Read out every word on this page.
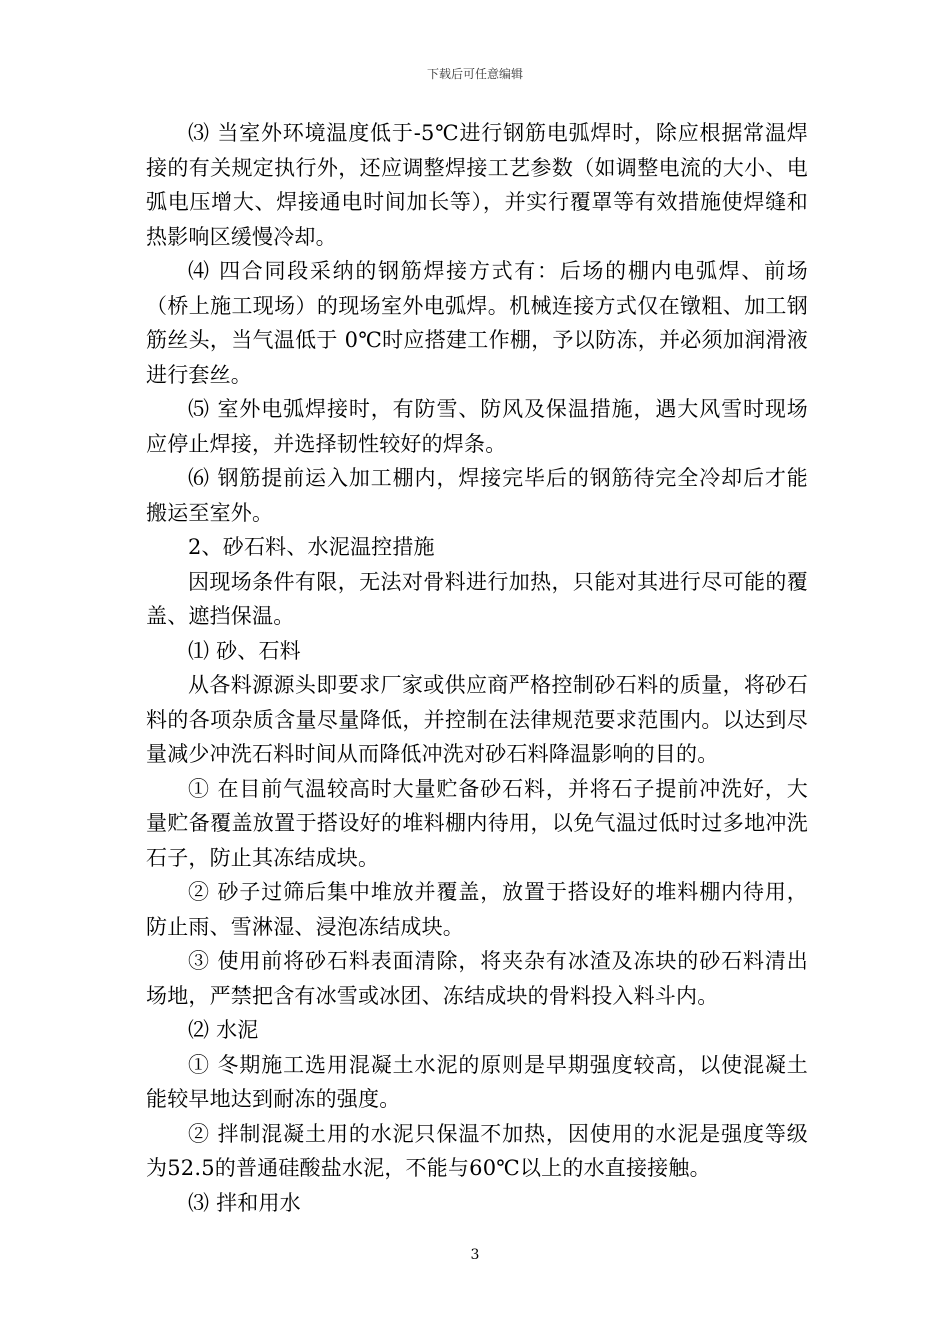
下载后可任意编辑

⑶ 当室外环境温度低于-5℃进行钢筋电弧焊时，除应根据常温焊接的有关规定执行外，还应调整焊接工艺参数（如调整电流的大小、电弧电压增大、焊接通电时间加长等），并实行覆罩等有效措施使焊缝和热影响区缓慢冷却。

⑷ 四合同段采纳的钢筋焊接方式有：后场的棚内电弧焊、前场（桥上施工现场）的现场室外电弧焊。机械连接方式仅在镦粗、加工钢筋丝头，当气温低于 0℃时应搭建工作棚，予以防冻，并必须加润滑液进行套丝。

⑸ 室外电弧焊接时，有防雪、防风及保温措施，遇大风雪时现场应停止焊接，并选择韧性较好的焊条。

⑹ 钢筋提前运入加工棚内，焊接完毕后的钢筋待完全冷却后才能搬运至室外。

2、砂石料、水泥温控措施

因现场条件有限，无法对骨料进行加热，只能对其进行尽可能的覆盖、遮挡保温。

⑴ 砂、石料

从各料源源头即要求厂家或供应商严格控制砂石料的质量，将砂石料的各项杂质含量尽量降低，并控制在法律规范要求范围内。以达到尽量减少冲洗石料时间从而降低冲洗对砂石料降温影响的目的。

① 在目前气温较高时大量贮备砂石料，并将石子提前冲洗好，大量贮备覆盖放置于搭设好的堆料棚内待用，以免气温过低时过多地冲洗石子，防止其冻结成块。

② 砂子过筛后集中堆放并覆盖，放置于搭设好的堆料棚内待用，防止雨、雪淋湿、浸泡冻结成块。

③ 使用前将砂石料表面清除，将夹杂有冰渣及冻块的砂石料清出场地，严禁把含有冰雪或冰团、冻结成块的骨料投入料斗内。

⑵ 水泥

① 冬期施工选用混凝土水泥的原则是早期强度较高，以使混凝土能较早地达到耐冻的强度。

② 拌制混凝土用的水泥只保温不加热，因使用的水泥是强度等级为52.5的普通硅酸盐水泥，不能与60℃以上的水直接接触。

⑶ 拌和用水

3
